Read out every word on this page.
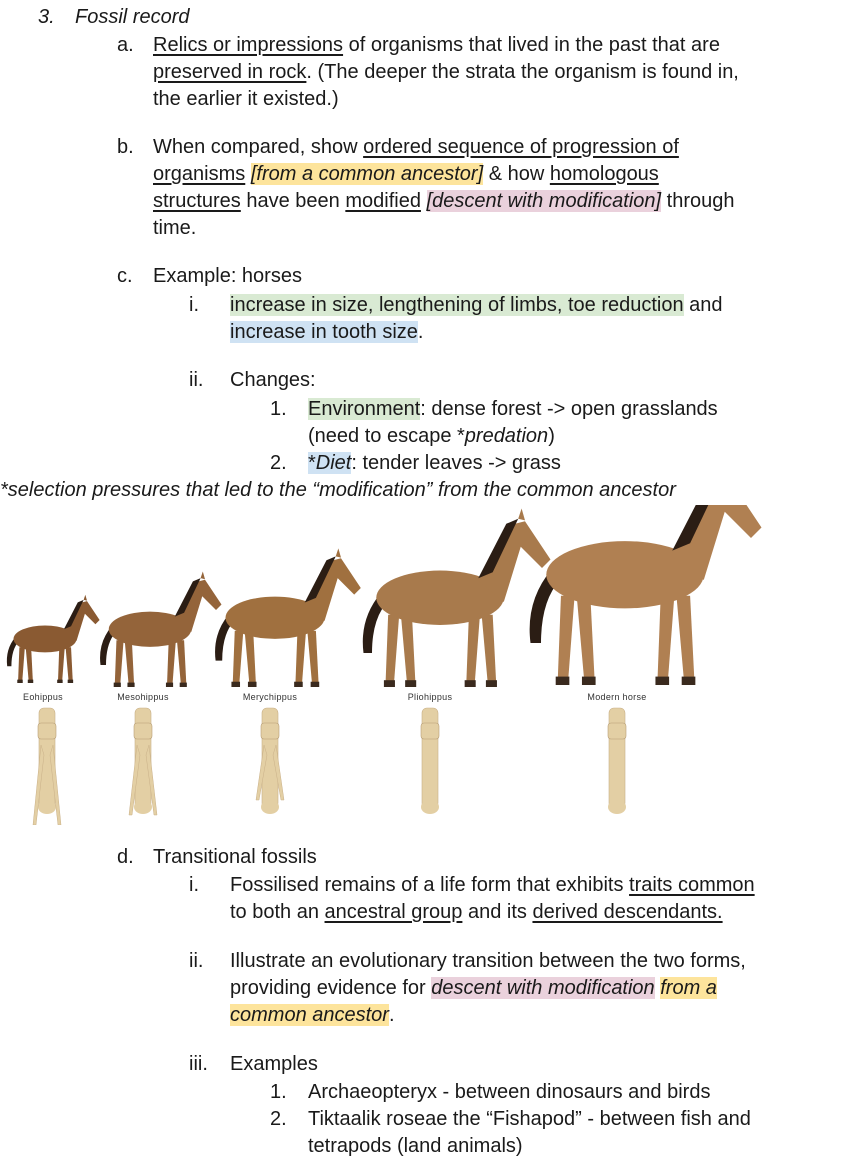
3. Fossil record
a. Relics or impressions of organisms that lived in the past that are
preserved in rock. (The deeper the strata the organism is found in,
the earlier it existed.)
b. When compared, show ordered sequence of progression of
organisms [from a common ancestor] & how homologous
structures have been modified [descent with modification] through
time.
c. Example: horses
i. increase in size, lengthening of limbs, toe reduction and
increase in tooth size.
ii. Changes:
1. Environment: dense forest -> open grasslands
(need to escape *predation)
2. *Diet: tender leaves -> grass
*selection pressures that led to the “modification” from the common ancestor
d. Transitional fossils
i. Fossilised remains of a life form that exhibits traits common
to both an ancestral group and its derived descendants.
ii. Illustrate an evolutionary transition between the two forms,
providing evidence for descent with modification from a
common ancestor.
iii. Examples
1. Archaeopteryx - between dinosaurs and birds
2. Tiktaalik roseae the “Fishapod” - between fish and
tetrapods (land animals)
Eohippus	Mesohippus	Merychippus	Pliohippus	Modern horse
